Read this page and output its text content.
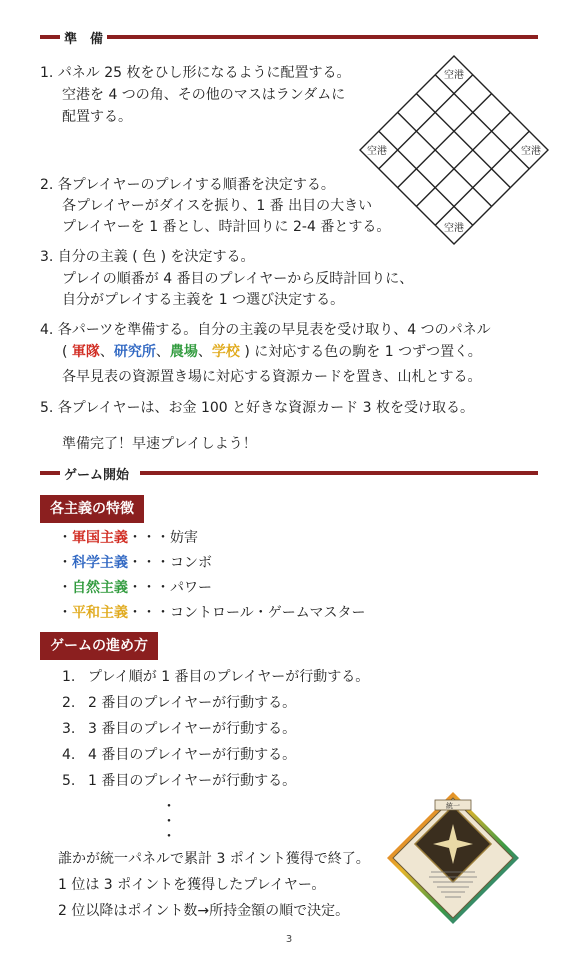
準　備
1. パネル 25 枚をひし形になるように配置する。
空港を 4 つの角、その他のマスはランダムに
配置する。
空港
空港	空港
空港
2. 各プレイヤーのプレイする順番を決定する。
各プレイヤーがダイスを振り、1 番 出目の大きい
プレイヤーを 1 番とし、時計回りに 2-4 番とする。
3. 自分の主義 ( 色 ) を決定する。
プレイの順番が 4 番目のプレイヤーから反時計回りに、
自分がプレイする主義を 1 つ選び決定する。
4. 各パーツを準備する。自分の主義の早見表を受け取り、4 つのパネル
( 軍隊、研究所、農場、学校 ) に対応する色の駒を 1 つずつ置く。
各早見表の資源置き場に対応する資源カードを置き、山札とする。
5. 各プレイヤーは、お金 100 と好きな資源カード 3 枚を受け取る。
準備完了！早速プレイしよう！
ゲーム開始
各主義の特徴
・軍国主義・・・妨害
・科学主義・・・コンボ
・自然主義・・・パワー
・平和主義・・・コントロール・ゲームマスター
ゲームの進め方
1. プレイ順が 1 番目のプレイヤーが行動する。
2. 2 番目のプレイヤーが行動する。
3. 3 番目のプレイヤーが行動する。
4. 4 番目のプレイヤーが行動する。
5. 1 番目のプレイヤーが行動する。
・
・
・
誰かが統一パネルで累計 3 ポイント獲得で終了。
1 位は 3 ポイントを獲得したプレイヤー。
2 位以降はポイント数→所持金額の順で決定。
統一
3
